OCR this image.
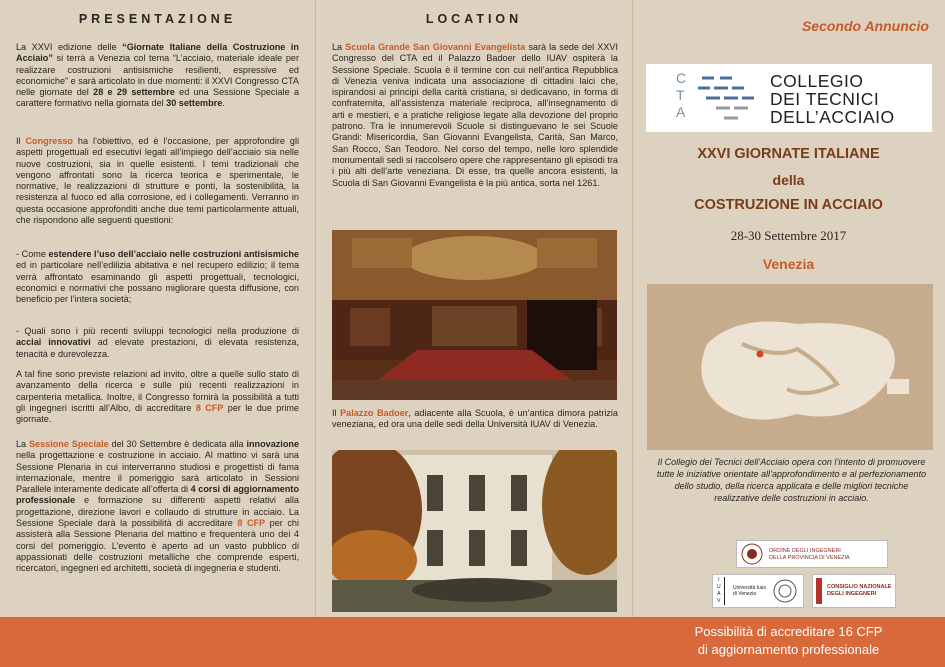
PRESENTAZIONE

La XXVI edizione delle “Giornate Italiane della Costruzione in Acciaio” si terrà a Venezia col tema “L’acciaio, materiale ideale per realizzare costruzioni antisismiche resilienti, espressive ed economiche” e sarà articolato in due momenti: il XXVI Congresso CTA nelle giornate del 28 e 29 settembre ed una Sessione Speciale a carattere formativo nella giornata del 30 settembre.

Il Congresso ha l’obiettivo, ed è l’occasione, per approfondire gli aspetti progettuali ed esecutivi legati all’impiego dell’acciaio sia nelle nuove costruzioni, sia in quelle esistenti. I temi tradizionali che vengono affrontati sono la ricerca teorica e sperimentale, le normative, le realizzazioni di strutture e ponti, la sostenibilità, la resistenza al fuoco ed alla corrosione, ed i collegamenti. Verranno in questa occasione approfonditi anche due temi particolarmente attuali, che rispondono alle seguenti questioni:

- Come estendere l’uso dell’acciaio nelle costruzioni antisismiche ed in particolare nell’edilizia abitativa e nel recupero edilizio; il tema verrà affrontato esaminando gli aspetti progettuali, tecnologici, economici e normativi che possano migliorare questa diffusione, con beneficio per l’intera società;

- Quali sono i più recenti sviluppi tecnologici nella produzione di acciai innovativi ad elevate prestazioni, di elevata resistenza, tenacità e durevolezza.

A tal fine sono previste relazioni ad invito, oltre a quelle sullo stato di avanzamento della ricerca e sulle più recenti realizzazioni in carpenteria metallica. Inoltre, il Congresso fornirà la possibilità a tutti gli ingegneri iscritti all’Albo, di accreditare 8 CFP per le due prime giornate.

La Sessione Speciale del 30 Settembre è dedicata alla innovazione nella progettazione e costruzione in acciaio. Al mattino vi sarà una Sessione Plenaria in cui interverranno studiosi e progettisti di fama internazionale, mentre il pomeriggio sarà articolato in Sessioni Parallele interamente dedicate all’offerta di 4 corsi di aggiornamento professionale e formazione su differenti aspetti relativi alla progettazione, direzione lavori e collaudo di strutture in acciaio. La Sessione Speciale darà la possibilità di accreditare 8 CFP per chi assisterà alla Sessione Plenaria del mattino e frequenterà uno dei 4 corsi del pomeriggio. L’evento è aperto ad un vasto pubblico di appassionati delle costruzioni metalliche che comprende esperti, ricercatori, ingegneri ed architetti, società di ingegneria e studenti.

LOCATION

La Scuola Grande San Giovanni Evangelista sarà la sede del XXVI Congresso del CTA ed il Palazzo Badoer dello IUAV ospiterà la Sessione Speciale. Scuola è il termine con cui nell’antica Repubblica di Venezia veniva indicata una associazione di cittadini laici che, ispirandosi ai principi della carità cristiana, si dedicavano, in forma di confraternita, all’assistenza materiale reciproca, all’insegnamento di arti e mestieri, e a pratiche religiose legate alla devozione del proprio patrono. Tra le innumerevoli Scuole si distinguevano le sei Scuole Grandi: Misericordia, San Giovanni Evangelista, Carità, San Marco, San Rocco, San Teodoro. Nel corso del tempo, nelle loro splendide monumentali sedi si raccolsero opere che rappresentano gli episodi tra i più alti dell’arte veneziana. Di esse, tra quelle ancora esistenti, la Scuola di San Giovanni Evangelista è la più antica, sorta nel 1261.

Il Palazzo Badoer, adiacente alla Scuola, è un’antica dimora patrizia veneziana, ed ora una delle sedi della Università IUAV di Venezia.

Secondo Annuncio
C
T
A
COLLEGIO
DEI TECNICI
DELL’ACCIAIO
XXVI GIORNATE ITALIANE
della
COSTRUZIONE IN ACCIAIO
28-30 Settembre 2017
Venezia
Il Collegio dei Tecnici dell’Acciaio opera con l’intento di promuovere tutte le iniziative orientate all’approfondimento e al perfezionamento dello studio, della ricerca applicata e delle migliori tecniche realizzative delle costruzioni in acciaio.
ORDINE DEGLI INGEGNERI
DELLA PROVINCIA DI VENEZIA
I
U
A
V
Università Iuav
di Venezia
CONSIGLIO NAZIONALE
DEGLI INGEGNERI
Possibilità di accreditare 16 CFP
di aggiornamento professionale
